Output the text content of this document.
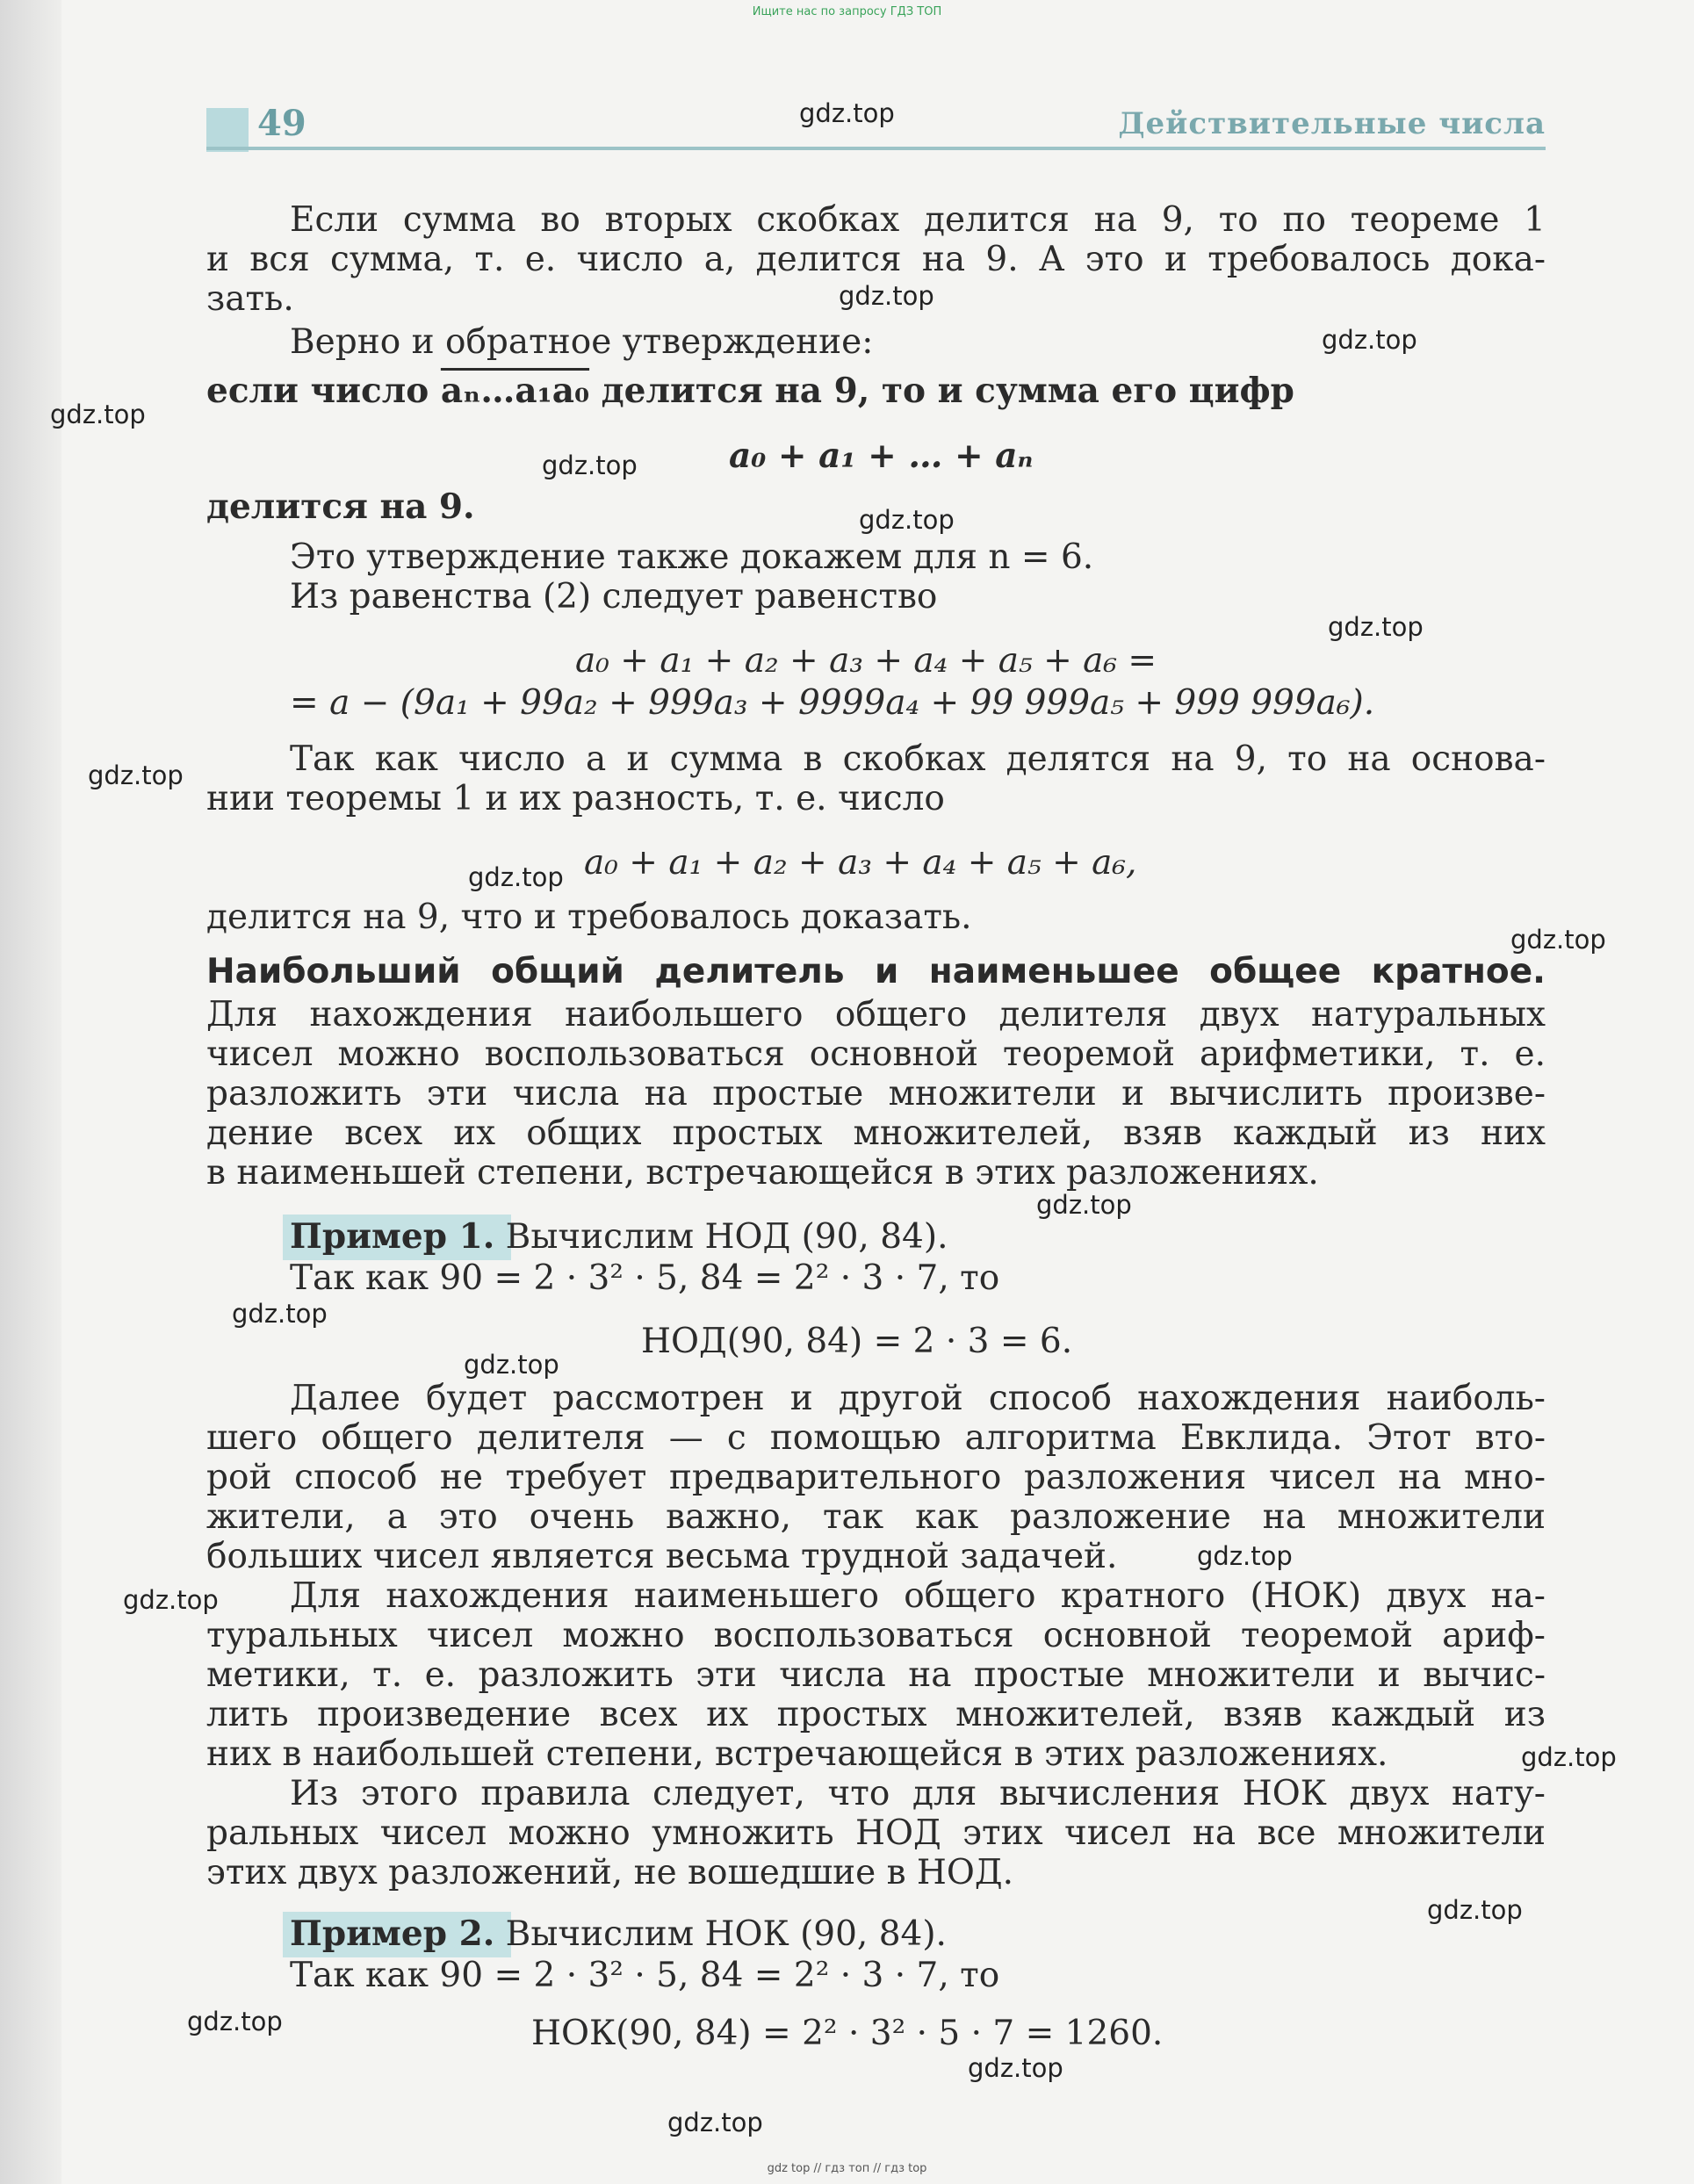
Ищите нас по запросу ГДЗ ТОП
49	Действительные числа
Если сумма во вторых скобках делится на 9, то по теореме 1
и вся сумма, т. е. число a, делится на 9. А это и требовалось дока-
зать.
Верно и обратное утверждение:
если число aₙ…a₁a₀ делится на 9, то и сумма его цифр
a₀ + a₁ + … + aₙ
делится на 9.
Это утверждение также докажем для n = 6.
Из равенства (2) следует равенство
a₀ + a₁ + a₂ + a₃ + a₄ + a₅ + a₆ =
= a − (9a₁ + 99a₂ + 999a₃ + 9999a₄ + 99 999a₅ + 999 999a₆).
Так как число a и сумма в скобках делятся на 9, то на основа-
нии теоремы 1 и их разность, т. е. число
a₀ + a₁ + a₂ + a₃ + a₄ + a₅ + a₆,
делится на 9, что и требовалось доказать.
Наибольший общий делитель и наименьшее общее кратное.
Для нахождения наибольшего общего делителя двух натуральных
чисел можно воспользоваться основной теоремой арифметики, т. е.
разложить эти числа на простые множители и вычислить произве-
дение всех их общих простых множителей, взяв каждый из них
в наименьшей степени, встречающейся в этих разложениях.
Пример 1. Вычислим НОД (90, 84).
Так как 90 = 2 · 3² · 5, 84 = 2² · 3 · 7, то
НОД(90, 84) = 2 · 3 = 6.
Далее будет рассмотрен и другой способ нахождения наиболь-
шего общего делителя — с помощью алгоритма Евклида. Этот вто-
рой способ не требует предварительного разложения чисел на мно-
жители, а это очень важно, так как разложение на множители
больших чисел является весьма трудной задачей.
Для нахождения наименьшего общего кратного (НОК) двух на-
туральных чисел можно воспользоваться основной теоремой ариф-
метики, т. е. разложить эти числа на простые множители и вычис-
лить произведение всех их простых множителей, взяв каждый из
них в наибольшей степени, встречающейся в этих разложениях.
Из этого правила следует, что для вычисления НОК двух нату-
ральных чисел можно умножить НОД этих чисел на все множители
этих двух разложений, не вошедшие в НОД.
Пример 2. Вычислим НОК (90, 84).
Так как 90 = 2 · 3² · 5, 84 = 2² · 3 · 7, то
НОК(90, 84) = 2² · 3² · 5 · 7 = 1260.
gdz.top
gdz.top
gdz.top
gdz.top
gdz.top
gdz.top
gdz.top
gdz.top
gdz.top
gdz.top
gdz.top
gdz.top
gdz.top
gdz.top
gdz.top
gdz.top
gdz.top
gdz.top
gdz.top
gdz.top
gdz top // гдз топ // гдз top
